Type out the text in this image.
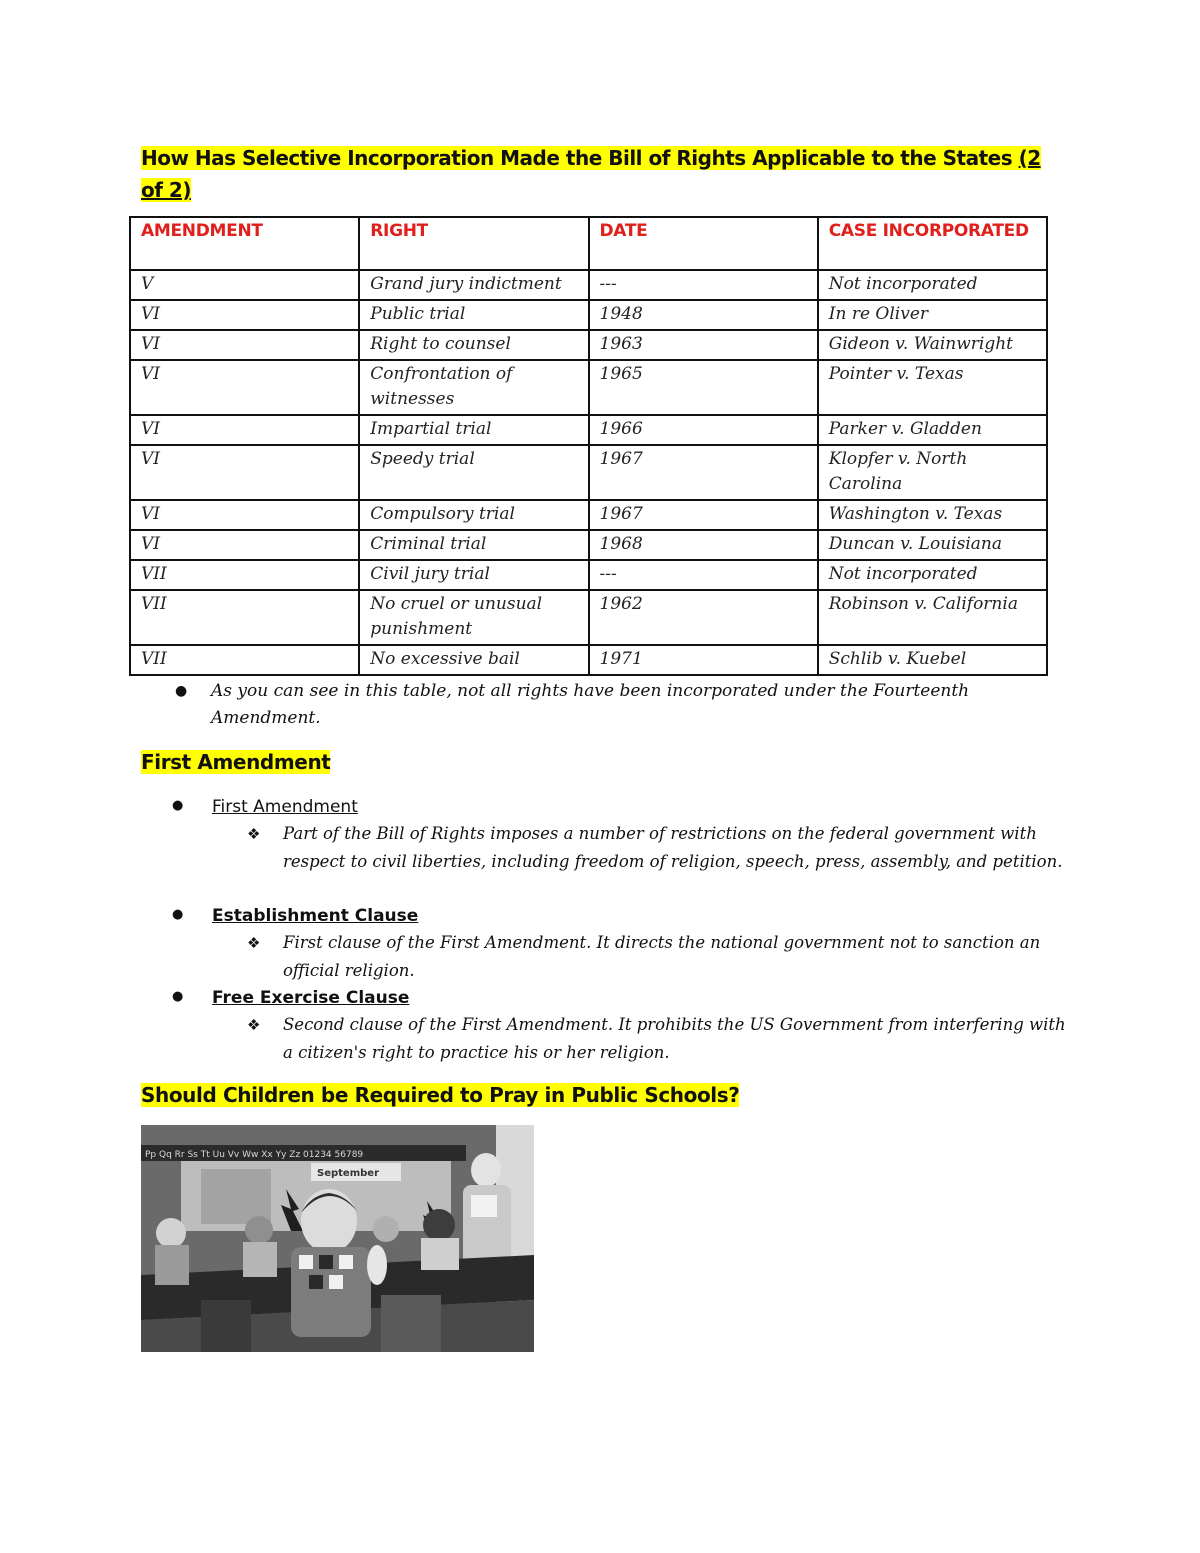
How Has Selective Incorporation Made the Bill of Rights Applicable to the States (2 of 2)
AMENDMENT	RIGHT	DATE	CASE INCORPORATED
V	Grand jury indictment	---	Not incorporated
VI	Public trial	1948	In re Oliver
VI	Right to counsel	1963	Gideon v. Wainwright
VI	Confrontation of witnesses	1965	Pointer v. Texas
VI	Impartial trial	1966	Parker v. Gladden
VI	Speedy trial	1967	Klopfer v. North Carolina
VI	Compulsory trial	1967	Washington v. Texas
VI	Criminal trial	1968	Duncan v. Louisiana
VII	Civil jury trial	---	Not incorporated
VII	No cruel or unusual punishment	1962	Robinson v. California
VII	No excessive bail	1971	Schlib v. Kuebel
● As you can see in this table, not all rights have been incorporated under the Fourteenth Amendment.
First Amendment
● First Amendment
❖ Part of the Bill of Rights imposes a number of restrictions on the federal government with respect to civil liberties, including freedom of religion, speech, press, assembly, and petition.
● Establishment Clause
❖ First clause of the First Amendment. It directs the national government not to sanction an official religion.
● Free Exercise Clause
❖ Second clause of the First Amendment. It prohibits the US Government from interfering with a citizen's right to practice his or her religion.
Should Children be Required to Pray in Public Schools?
Pp Qq Rr Ss Tt Uu Vv Ww Xx Yy Zz 01234 56789
September
